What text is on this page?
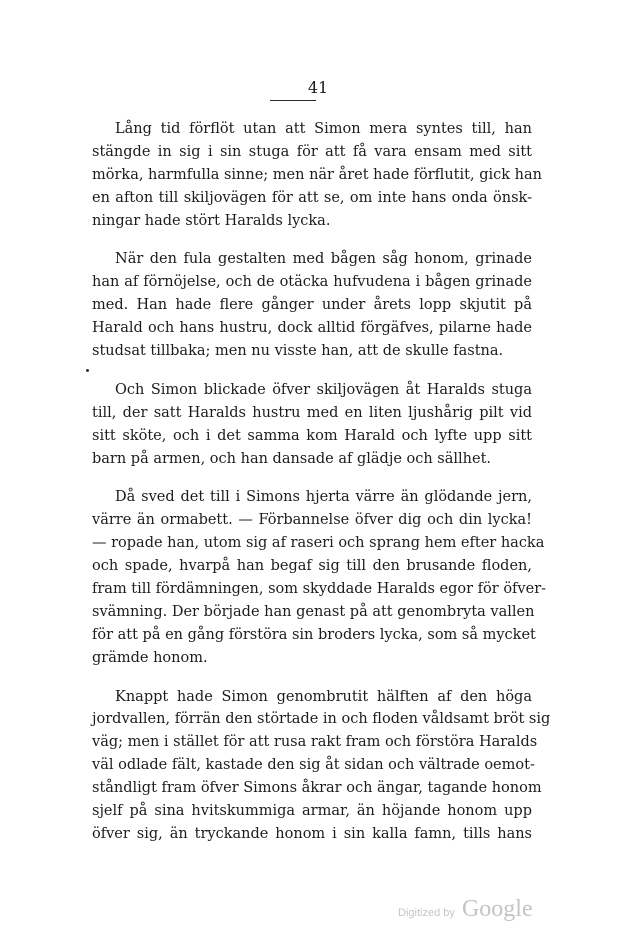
41
Lång tid förflöt utan att Simon mera syntes till, han
stängde in sig i sin stuga för att få vara ensam med sitt
mörka, harmfulla sinne; men när året hade förflutit, gick han
en afton till skiljovägen för att se, om inte hans onda önsk-
ningar hade stört Haralds lycka.
När den fula gestalten med bågen såg honom, grinade
han af förnöjelse, och de otäcka hufvudena i bågen grinade
med. Han hade flere gånger under årets lopp skjutit på
Harald och hans hustru, dock alltid förgäfves, pilarne hade
studsat tillbaka; men nu visste han, att de skulle fastna.
Och Simon blickade öfver skiljovägen åt Haralds stuga
till, der satt Haralds hustru med en liten ljushårig pilt vid
sitt sköte, och i det samma kom Harald och lyfte upp sitt
barn på armen, och han dansade af glädje och sällhet.
Då sved det till i Simons hjerta värre än glödande jern,
värre än ormabett. — Förbannelse öfver dig och din lycka!
— ropade han, utom sig af raseri och sprang hem efter hacka
och spade, hvarpå han begaf sig till den brusande floden,
fram till fördämningen, som skyddade Haralds egor för öfver-
svämning. Der började han genast på att genombryta vallen
för att på en gång förstöra sin broders lycka, som så mycket
grämde honom.
Knappt hade Simon genombrutit hälften af den höga
jordvallen, förrän den störtade in och floden våldsamt bröt sig
väg; men i stället för att rusa rakt fram och förstöra Haralds
väl odlade fält, kastade den sig åt sidan och vältrade oemot-
ståndligt fram öfver Simons åkrar och ängar, tagande honom
sjelf på sina hvitskummiga armar, än höjande honom upp
öfver sig, än tryckande honom i sin kalla famn, tills hans
Digitized by Google
